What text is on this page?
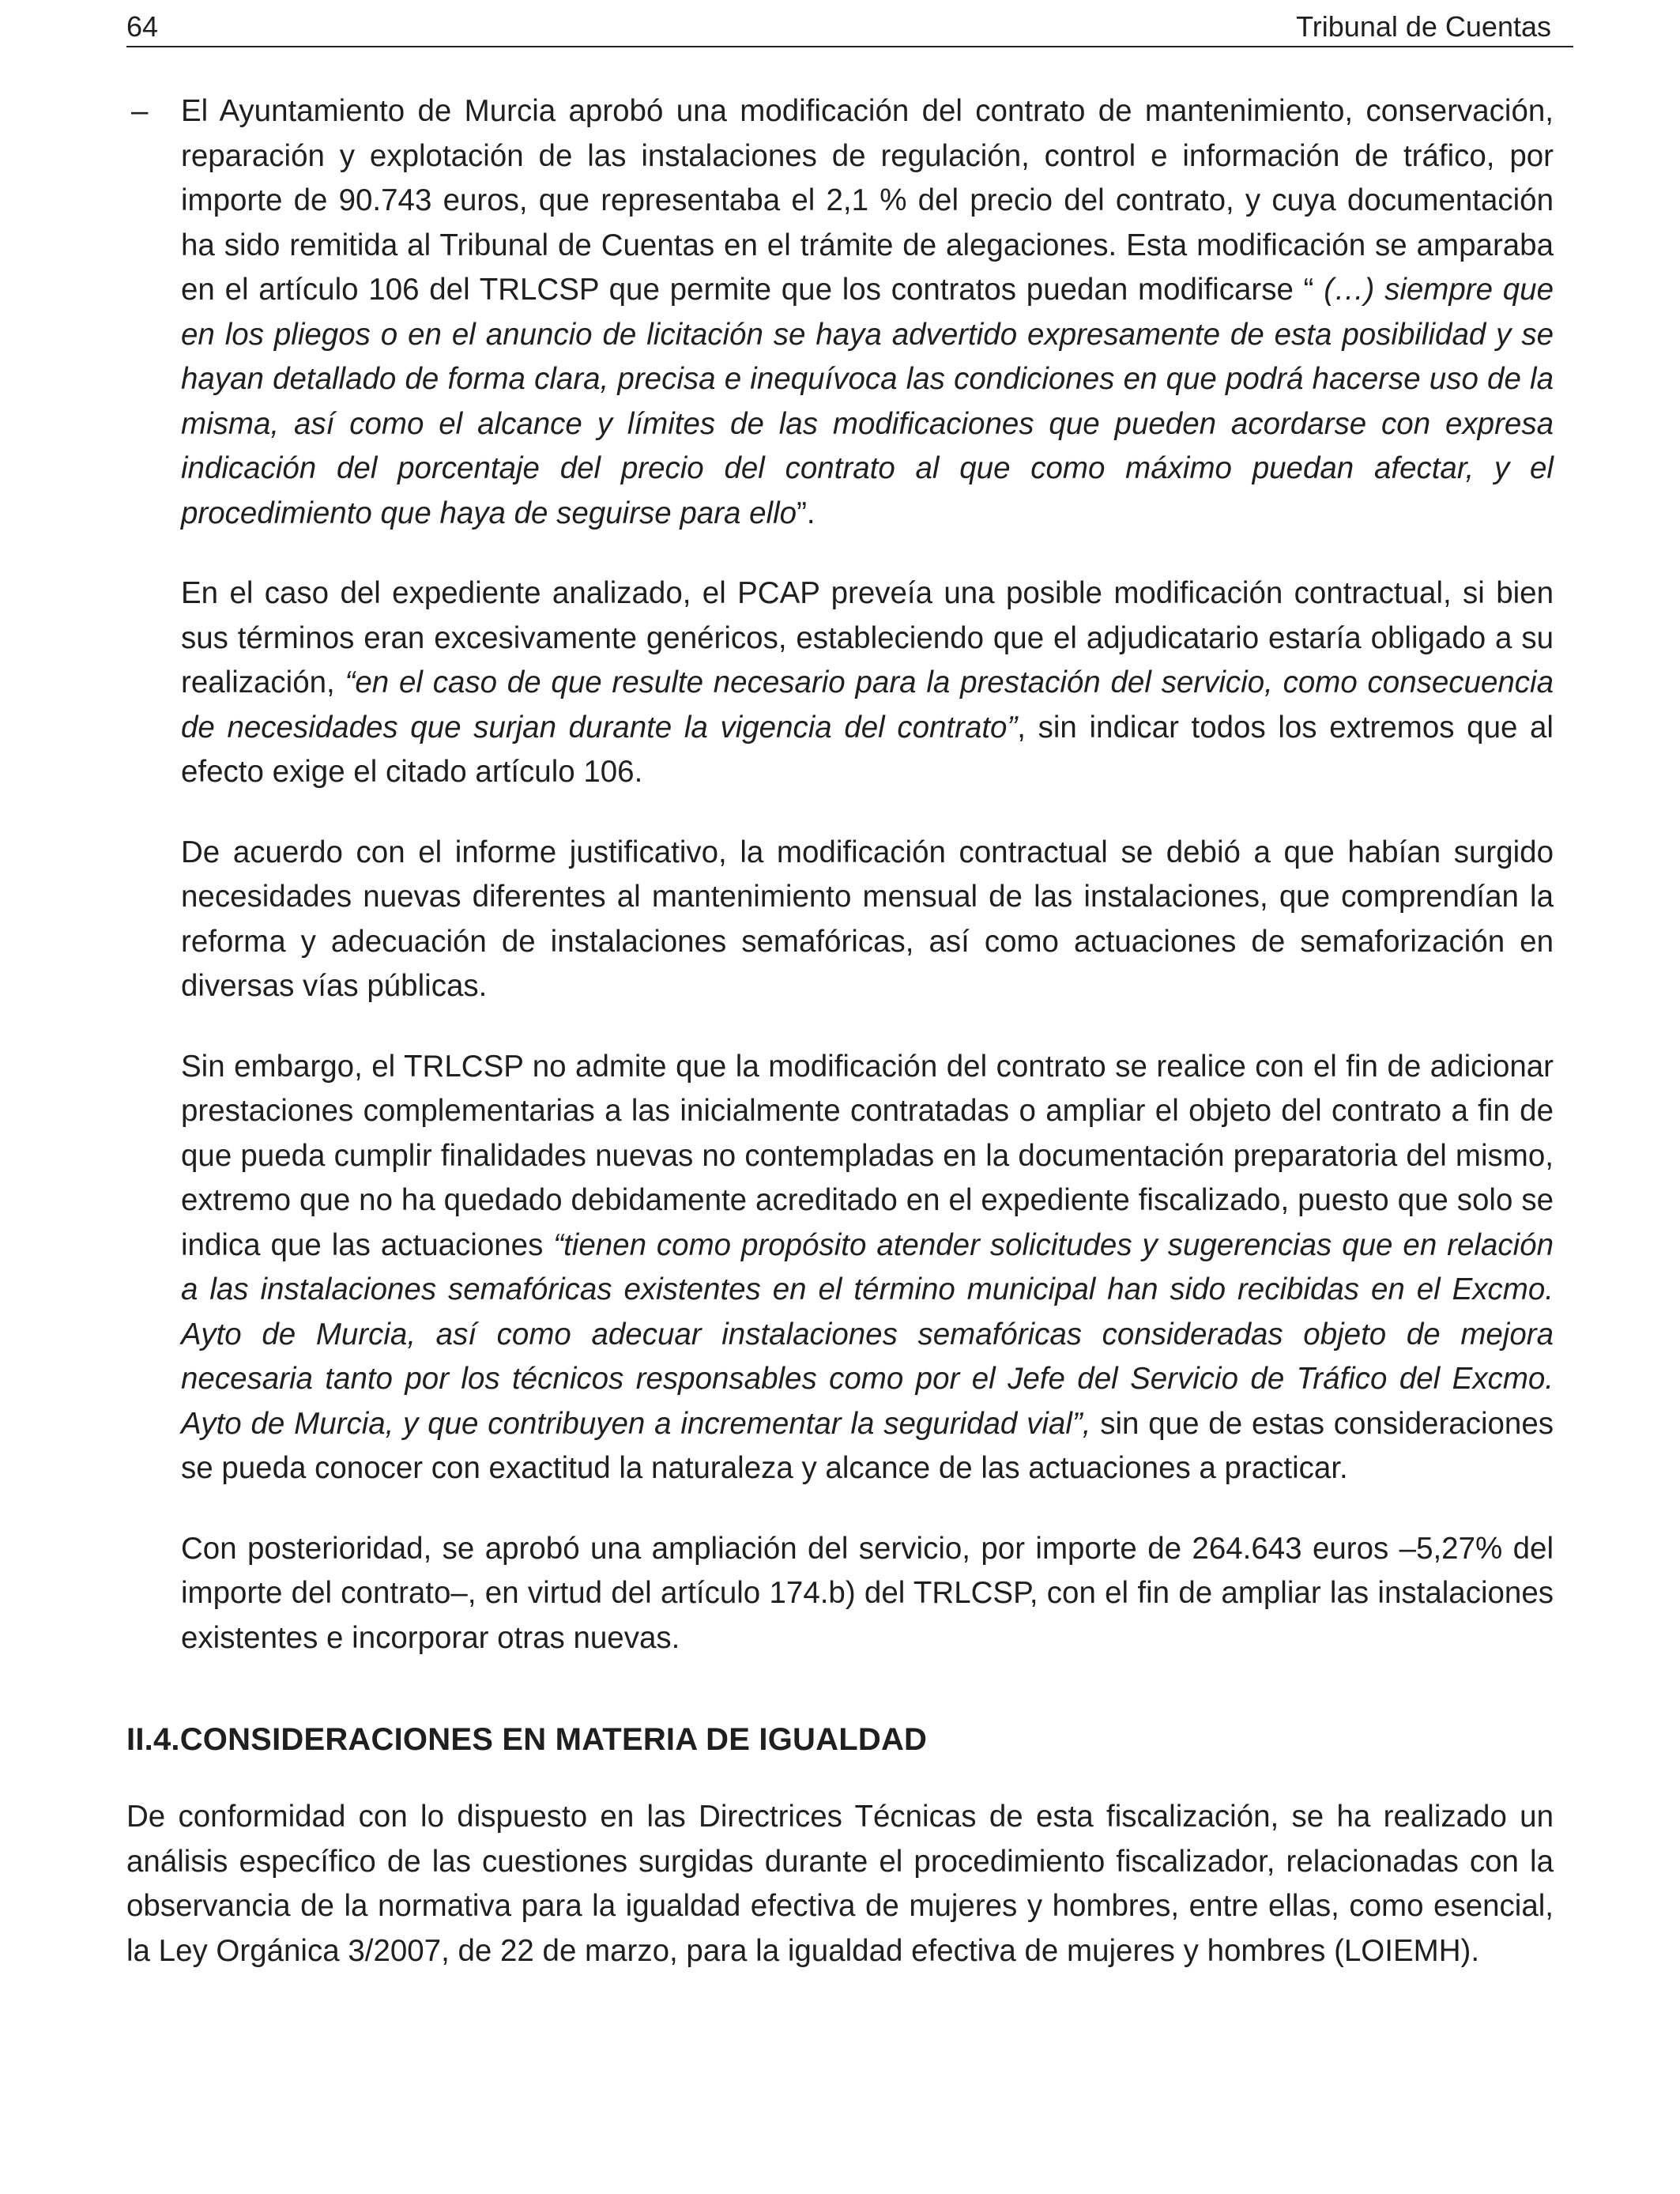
64	Tribunal de Cuentas

– El Ayuntamiento de Murcia aprobó una modificación del contrato de mantenimiento, conservación, reparación y explotación de las instalaciones de regulación, control e información de tráfico, por importe de 90.743 euros, que representaba el 2,1 % del precio del contrato, y cuya documentación ha sido remitida al Tribunal de Cuentas en el trámite de alegaciones. Esta modificación se amparaba en el artículo 106 del TRLCSP que permite que los contratos puedan modificarse “ (…) siempre que en los pliegos o en el anuncio de licitación se haya advertido expresamente de esta posibilidad y se hayan detallado de forma clara, precisa e inequívoca las condiciones en que podrá hacerse uso de la misma, así como el alcance y límites de las modificaciones que pueden acordarse con expresa indicación del porcentaje del precio del contrato al que como máximo puedan afectar, y el procedimiento que haya de seguirse para ello”.

En el caso del expediente analizado, el PCAP preveía una posible modificación contractual, si bien sus términos eran excesivamente genéricos, estableciendo que el adjudicatario estaría obligado a su realización, “en el caso de que resulte necesario para la prestación del servicio, como consecuencia de necesidades que surjan durante la vigencia del contrato”, sin indicar todos los extremos que al efecto exige el citado artículo 106.

De acuerdo con el informe justificativo, la modificación contractual se debió a que habían surgido necesidades nuevas diferentes al mantenimiento mensual de las instalaciones, que comprendían la reforma y adecuación de instalaciones semafóricas, así como actuaciones de semaforización en diversas vías públicas.

Sin embargo, el TRLCSP no admite que la modificación del contrato se realice con el fin de adicionar prestaciones complementarias a las inicialmente contratadas o ampliar el objeto del contrato a fin de que pueda cumplir finalidades nuevas no contempladas en la documentación preparatoria del mismo, extremo que no ha quedado debidamente acreditado en el expediente fiscalizado, puesto que solo se indica que las actuaciones “tienen como propósito atender solicitudes y sugerencias que en relación a las instalaciones semafóricas existentes en el término municipal han sido recibidas en el Excmo. Ayto de Murcia, así como adecuar instalaciones semafóricas consideradas objeto de mejora necesaria tanto por los técnicos responsables como por el Jefe del Servicio de Tráfico del Excmo. Ayto de Murcia, y que contribuyen a incrementar la seguridad vial”, sin que de estas consideraciones se pueda conocer con exactitud la naturaleza y alcance de las actuaciones a practicar.

Con posterioridad, se aprobó una ampliación del servicio, por importe de 264.643 euros –5,27% del importe del contrato–, en virtud del artículo 174.b) del TRLCSP, con el fin de ampliar las instalaciones existentes e incorporar otras nuevas.

II.4.CONSIDERACIONES EN MATERIA DE IGUALDAD

De conformidad con lo dispuesto en las Directrices Técnicas de esta fiscalización, se ha realizado un análisis específico de las cuestiones surgidas durante el procedimiento fiscalizador, relacionadas con la observancia de la normativa para la igualdad efectiva de mujeres y hombres, entre ellas, como esencial, la Ley Orgánica 3/2007, de 22 de marzo, para la igualdad efectiva de mujeres y hombres (LOIEMH).
